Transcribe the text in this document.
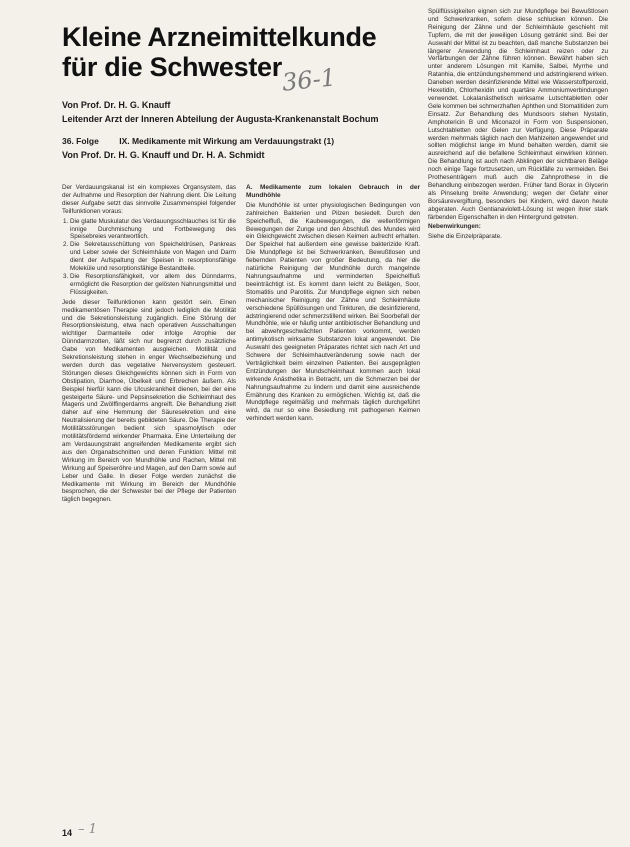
Kleine Arzneimittelkunde für die Schwester
36-1
Von Prof. Dr. H. G. Knauff
Leitender Arzt der Inneren Abteilung der Augusta-Krankenanstalt Bochum
36. Folge IX. Medikamente mit Wirkung am Verdauungstrakt (1)
Von Prof. Dr. H. G. Knauff und Dr. H. A. Schmidt

Der Verdauungskanal ist ein komplexes Organsystem, das der Aufnahme und Resorption der Nahrung dient. Die Leitung dieser Aufgabe setzt das sinnvolle Zusammenspiel folgender Teilfunktionen voraus:

1. Die glatte Muskulatur des Verdauungsschlauches ist für die innige Durchmischung und Fortbewegung des Speisebreies verantwortlich.
2. Die Sekretausschüttung von Speicheldrüsen, Pankreas und Leber sowie der Schleimhäute von Magen und Darm dient der Aufspaltung der Speisen in resorptionsfähige Moleküle und resorptionsfähige Bestandteile.
3. Die Resorptionsfähigkeit, vor allem des Dünndarms, ermöglicht die Resorption der gelösten Nahrungsmittel und Flüssigkeiten.

Jede dieser Teilfunktionen kann gestört sein. Einen medikamentösen Therapie sind jedoch lediglich die Motilität und die Sekretionsleistung zugänglich. Eine Störung der Resorptionsleistung, etwa nach operativen Ausschaltungen wichtiger Darmanteile oder infolge Atrophie der Dünndarmzotten, läßt sich nur begrenzt durch zusätzliche Gabe von Medikamenten ausgleichen. Motilität und Sekretionsleistung stehen in enger Wechselbeziehung und werden durch das vegetative Nervensystem gesteuert. Störungen dieses Gleichgewichts können sich in Form von Obstipation, Diarrhoe, Übelkeit und Erbrechen äußern. Als Beispiel hierfür kann die Ulcuskrankheit dienen, bei der eine gesteigerte Säure- und Pepsinsekretion die Schleimhaut des Magens und Zwölffingerdarms angreift. Die Behandlung zielt daher auf eine Hemmung der Säuresekretion und eine Neutralisierung der bereits gebildeten Säure. Die Therapie der Motilitätsstörungen bedient sich spasmolytisch oder motilitätsfördernd wirkender Pharmaka. Eine Unterteilung der am Verdauungstrakt angreifenden Medikamente ergibt sich aus den Organabschnitten und deren Funktion: Mittel mit Wirkung im Bereich von Mundhöhle und Rachen, Mittel mit Wirkung auf Speiseröhre und Magen, auf den Darm sowie auf Leber und Galle. In dieser Folge werden zunächst die Medikamente mit Wirkung im Bereich der Mundhöhle besprochen, die der Schwester bei der Pflege der Patienten täglich begegnen.

A. Medikamente zum lokalen Gebrauch in der Mundhöhle

Die Mundhöhle ist unter physiologischen Bedingungen von zahlreichen Bakterien und Pilzen besiedelt. Durch den Speichelfluß, die Kaubewegungen, die wellenförmigen Bewegungen der Zunge und den Abschluß des Mundes wird ein Gleichgewicht zwischen diesen Keimen aufrecht erhalten. Der Speichel hat außerdem eine gewisse bakterizide Kraft. Die Mundpflege ist bei Schwerkranken, Bewußtlosen und fiebernden Patienten von großer Bedeutung, da hier die natürliche Reinigung der Mundhöhle durch mangelnde Nahrungsaufnahme und verminderten Speichelfluß beeinträchtigt ist. Es kommt dann leicht zu Belägen, Soor, Stomatitis und Parotitis. Zur Mundpflege eignen sich neben mechanischer Reinigung der Zähne und Schleimhäute verschiedene Spüllösungen und Tinkturen, die desinfizierend, adstringierend oder schmerzstillend wirken. Bei Soorbefall der Mundhöhle, wie er häufig unter antibiotischer Behandlung und bei abwehrgeschwächten Patienten vorkommt, werden antimykotisch wirksame Substanzen lokal angewendet. Die Auswahl des geeigneten Präparates richtet sich nach Art und Schwere der Schleimhautveränderung sowie nach der Verträglichkeit beim einzelnen Patienten. Bei ausgeprägten Entzündungen der Mundschleimhaut kommen auch lokal wirkende Anästhetika in Betracht, um die Schmerzen bei der Nahrungsaufnahme zu lindern und damit eine ausreichende Ernährung des Kranken zu ermöglichen. Wichtig ist, daß die Mundpflege regelmäßig und mehrmals täglich durchgeführt wird, da nur so eine Besiedlung mit pathogenen Keimen verhindert werden kann.

Spülflüssigkeiten eignen sich zur Mundpflege bei Bewußtlosen und Schwerkranken, sofern diese schlucken können. Die Reinigung der Zähne und der Schleimhäute geschieht mit Tupfern, die mit der jeweiligen Lösung getränkt sind. Bei der Auswahl der Mittel ist zu beachten, daß manche Substanzen bei längerer Anwendung die Schleimhaut reizen oder zu Verfärbungen der Zähne führen können. Bewährt haben sich unter anderem Lösungen mit Kamille, Salbei, Myrrhe und Ratanhia, die entzündungshemmend und adstringierend wirken. Daneben werden desinfizierende Mittel wie Wasserstoffperoxid, Hexetidin, Chlorhexidin und quartäre Ammoniumverbindungen verwendet. Lokalanästhetisch wirksame Lutschtabletten oder Gele kommen bei schmerzhaften Aphthen und Stomatitiden zum Einsatz. Zur Behandlung des Mundsoors stehen Nystatin, Amphotericin B und Miconazol in Form von Suspensionen, Lutschtabletten oder Gelen zur Verfügung. Diese Präparate werden mehrmals täglich nach den Mahlzeiten angewendet und sollten möglichst lange im Mund behalten werden, damit sie ausreichend auf die befallene Schleimhaut einwirken können. Die Behandlung ist auch nach Abklingen der sichtbaren Beläge noch einige Tage fortzusetzen, um Rückfälle zu vermeiden. Bei Prothesenträgern muß auch die Zahnprothese in die Behandlung einbezogen werden. Früher fand Borax in Glycerin als Pinselung breite Anwendung; wegen der Gefahr einer Borsäurevergiftung, besonders bei Kindern, wird davon heute abgeraten. Auch Gentianaviolett-Lösung ist wegen ihrer stark färbenden Eigenschaften in den Hintergrund getreten.

Nebenwirkungen:

Siehe die Einzelpräparate.

14 – 1
